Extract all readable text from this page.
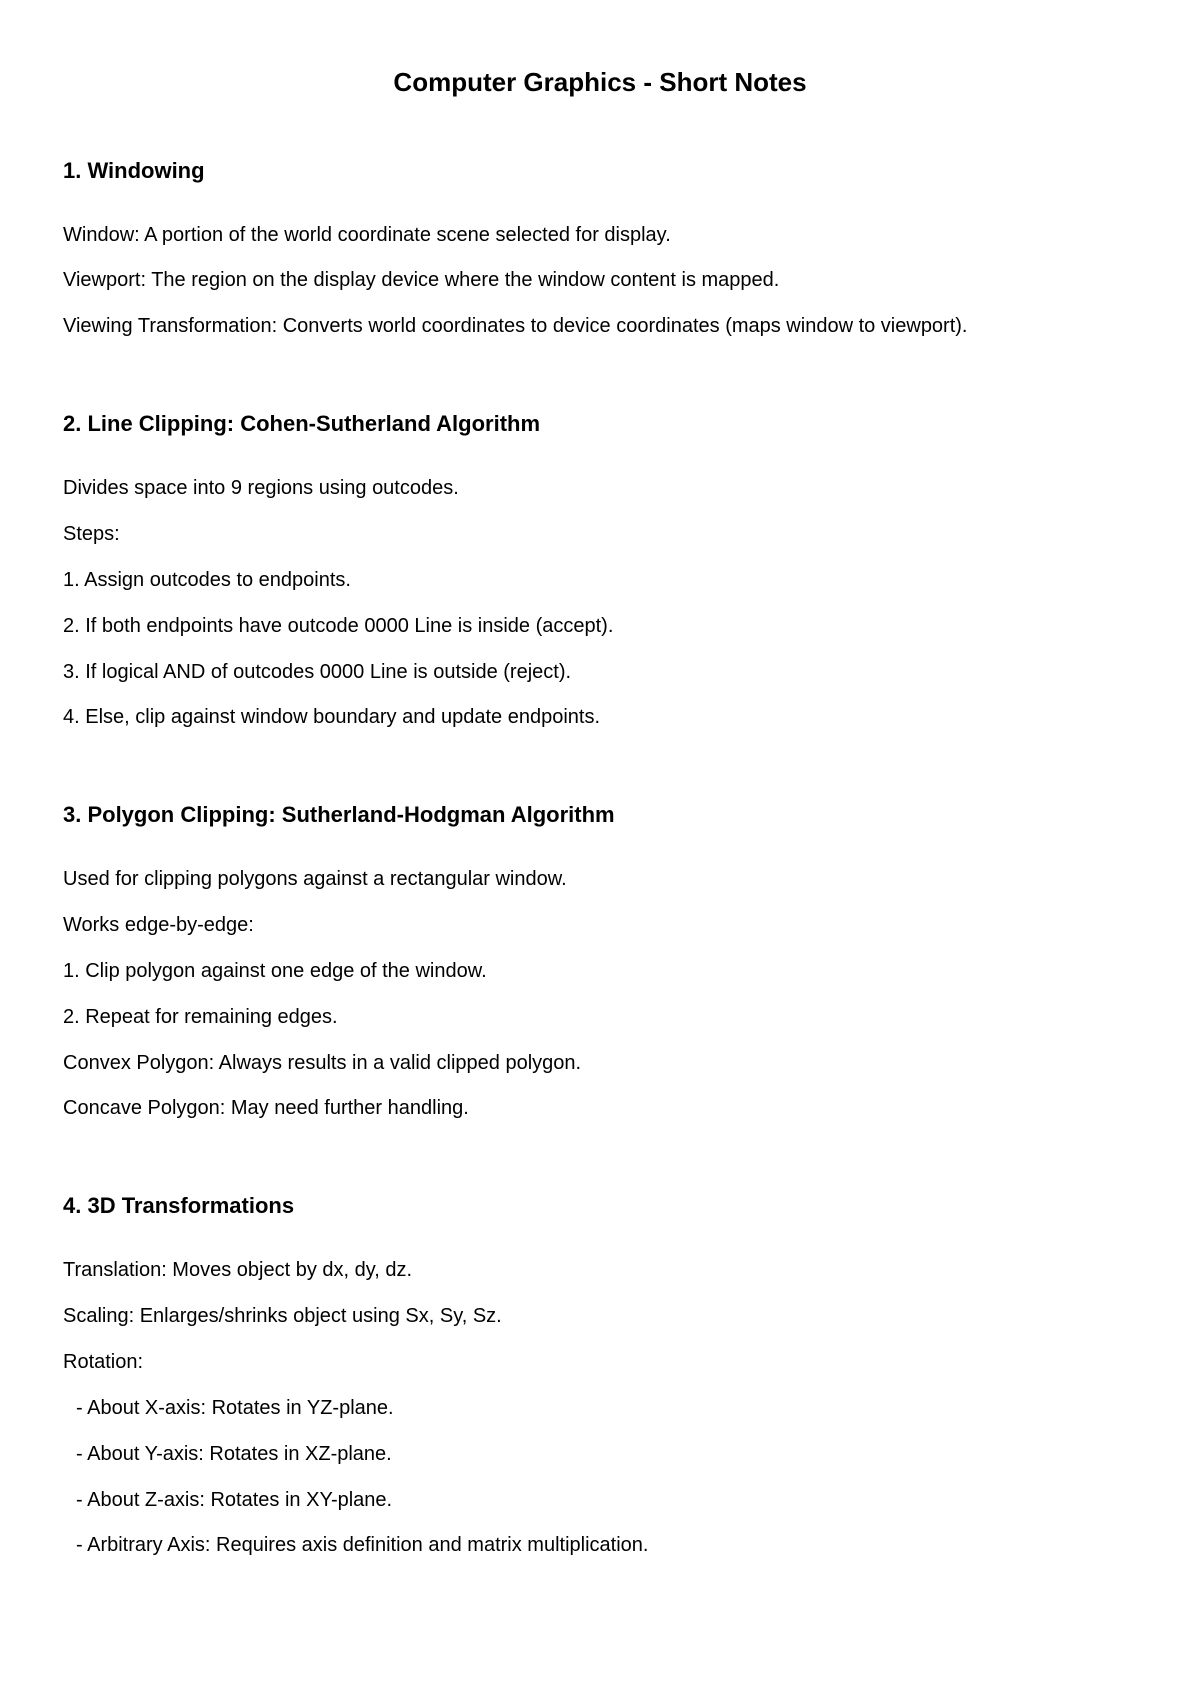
Computer Graphics - Short Notes
1. Windowing

Window: A portion of the world coordinate scene selected for display.

Viewport: The region on the display device where the window content is mapped.

Viewing Transformation: Converts world coordinates to device coordinates (maps window to viewport).

2. Line Clipping: Cohen-Sutherland Algorithm

Divides space into 9 regions using outcodes.

Steps:

1. Assign outcodes to endpoints.

2. If both endpoints have outcode 0000 Line is inside (accept).

3. If logical AND of outcodes 0000 Line is outside (reject).

4. Else, clip against window boundary and update endpoints.

3. Polygon Clipping: Sutherland-Hodgman Algorithm

Used for clipping polygons against a rectangular window.

Works edge-by-edge:

1. Clip polygon against one edge of the window.

2. Repeat for remaining edges.

Convex Polygon: Always results in a valid clipped polygon.

Concave Polygon: May need further handling.

4. 3D Transformations

Translation: Moves object by dx, dy, dz.

Scaling: Enlarges/shrinks object using Sx, Sy, Sz.

Rotation:

- About X-axis: Rotates in YZ-plane.

- About Y-axis: Rotates in XZ-plane.

- About Z-axis: Rotates in XY-plane.

- Arbitrary Axis: Requires axis definition and matrix multiplication.
